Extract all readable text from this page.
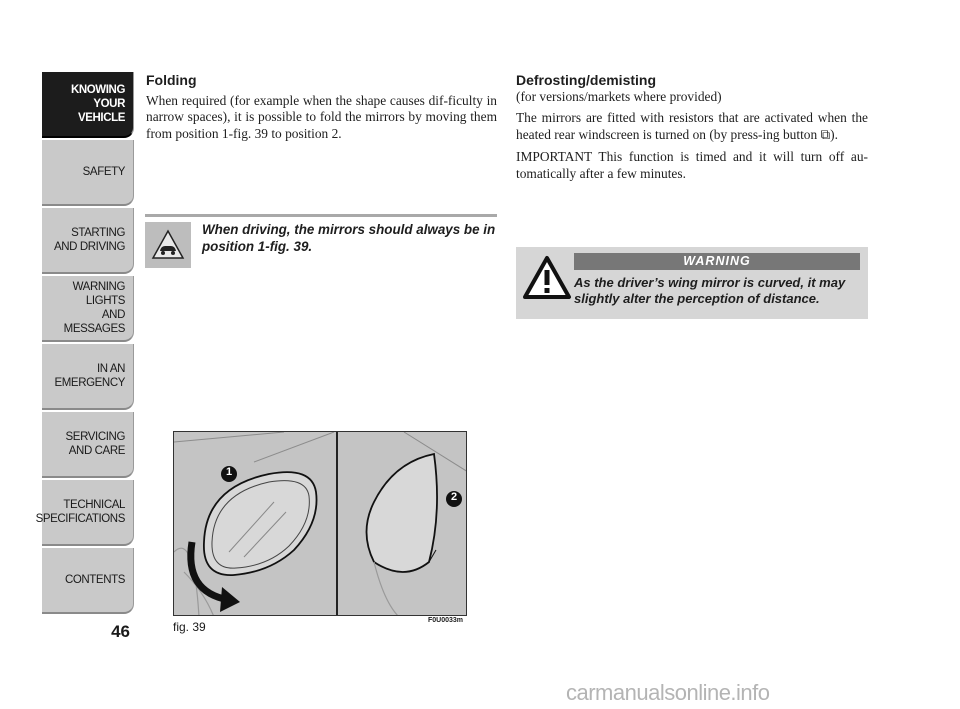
KNOWING
YOUR
VEHICLE
SAFETY
STARTING
AND DRIVING
WARNING LIGHTS
AND MESSAGES
IN AN
EMERGENCY
SERVICING
AND CARE
TECHNICAL
SPECIFICATIONS
CONTENTS
46
Folding

When required (for example when the shape causes dif-ficulty in narrow spaces), it is possible to fold the mirrors by moving them from position 1-fig. 39 to position 2.

When driving, the mirrors should always be in position 1-fig. 39.
Defrosting/demisting

(for versions/markets where provided)

The mirrors are fitted with resistors that are activated when the heated rear windscreen is turned on (by press-ing button ⧉).

IMPORTANT This function is timed and it will turn off au-tomatically after a few minutes.

WARNING
As the driver’s wing mirror is curved, it may slightly alter the perception of distance.
1
2
fig. 39	F0U0033m
carmanualsonline.info
